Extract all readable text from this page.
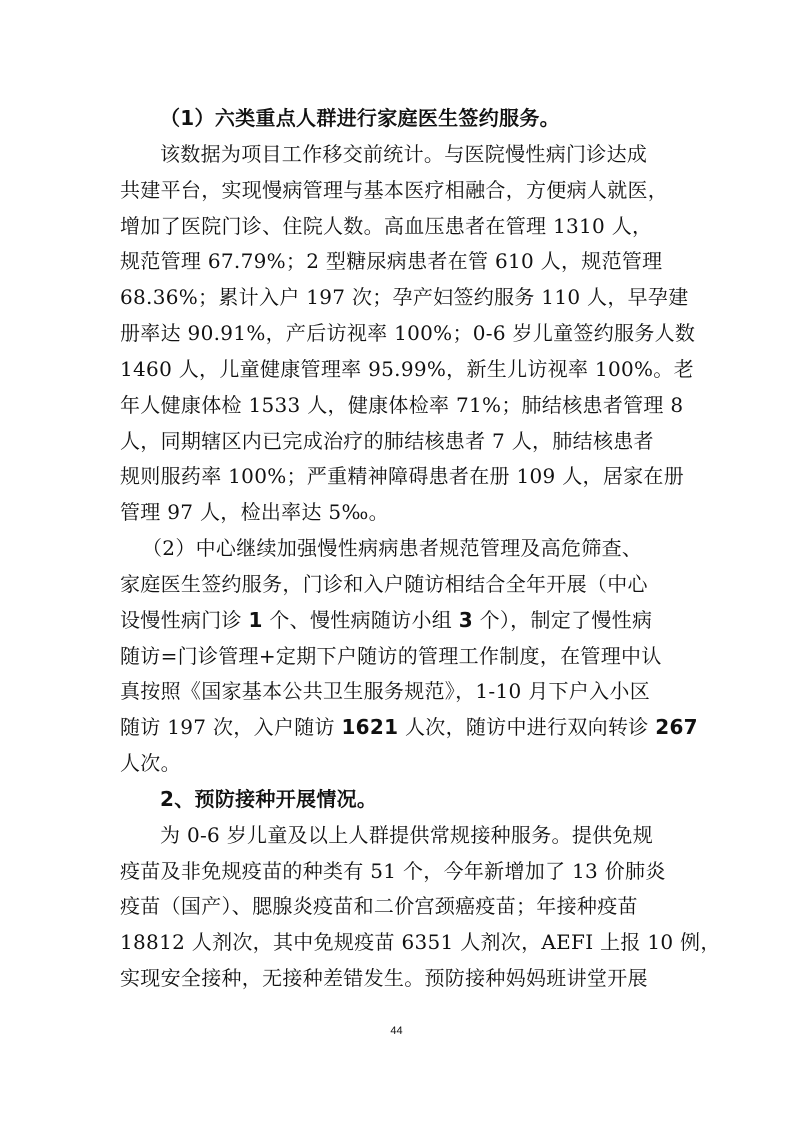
（1）六类重点人群进行家庭医生签约服务。
该数据为项目工作移交前统计。与医院慢性病门诊达成
共建平台，实现慢病管理与基本医疗相融合，方便病人就医，
增加了医院门诊、住院人数。高血压患者在管理 1310 人，
规范管理 67.79%；2 型糖尿病患者在管 610 人，规范管理
68.36%；累计入户 197 次；孕产妇签约服务 110 人，早孕建
册率达 90.91%，产后访视率 100%；0-6 岁儿童签约服务人数
1460 人，儿童健康管理率 95.99%，新生儿访视率 100%。老
年人健康体检 1533 人，健康体检率 71%；肺结核患者管理 8
人，同期辖区内已完成治疗的肺结核患者 7 人，肺结核患者
规则服药率 100%；严重精神障碍患者在册 109 人，居家在册
管理 97 人，检出率达 5‰。
（2）中心继续加强慢性病病患者规范管理及高危筛查、
家庭医生签约服务，门诊和入户随访相结合全年开展（中心
设慢性病门诊 1 个、慢性病随访小组 3 个），制定了慢性病
随访=门诊管理+定期下户随访的管理工作制度，在管理中认
真按照《国家基本公共卫生服务规范》，1-10 月下户入小区
随访 197 次，入户随访 1621 人次，随访中进行双向转诊 267
人次。
2、预防接种开展情况。
为 0-6 岁儿童及以上人群提供常规接种服务。提供免规
疫苗及非免规疫苗的种类有 51 个，今年新增加了 13 价肺炎
疫苗（国产）、腮腺炎疫苗和二价宫颈癌疫苗；年接种疫苗
18812 人剂次，其中免规疫苗 6351 人剂次，AEFI 上报 10 例，
实现安全接种，无接种差错发生。预防接种妈妈班讲堂开展
44
